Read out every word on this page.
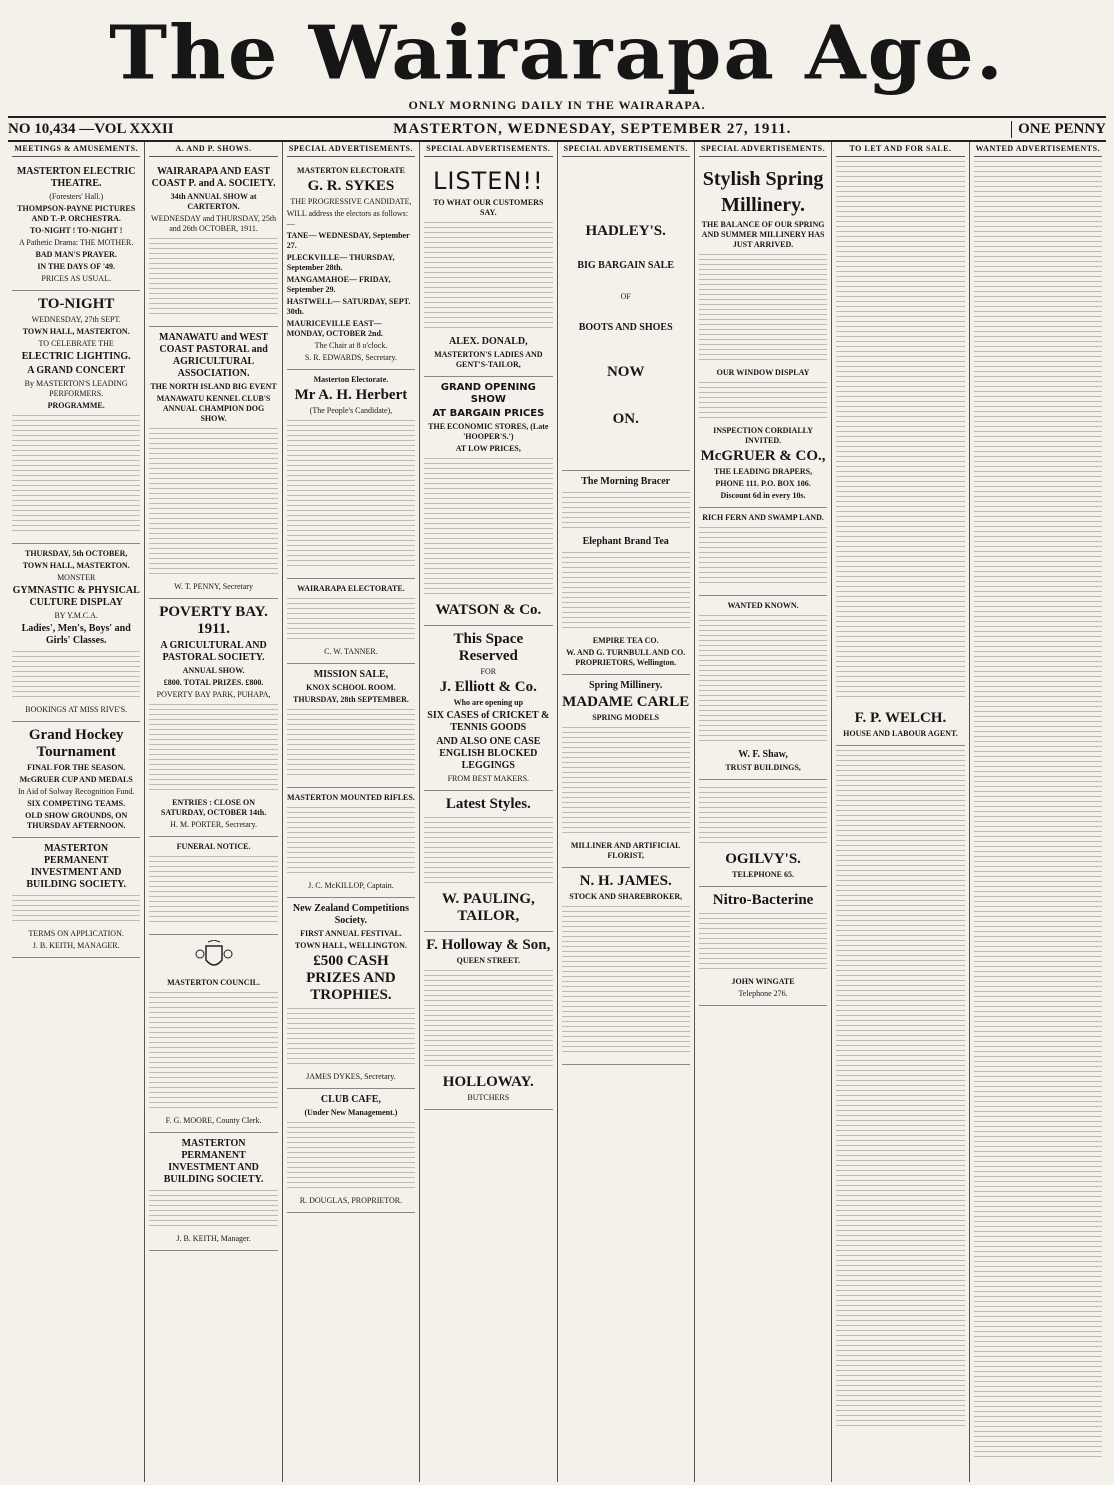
The Wairarapa Age.
ONLY MORNING DAILY IN THE WAIRARAPA.
NO 10,434 —VOL XXXII	MASTERTON, WEDNESDAY, SEPTEMBER 27, 1911.	ONE PENNY
MEETINGS & AMUSEMENTS.

MASTERTON ELECTRIC THEATRE.

(Foresters' Hall.)

THOMPSON-PAYNE PICTURES AND T.-P. ORCHESTRA.

TO-NIGHT ! TO-NIGHT !

A Pathetic Drama: THE MOTHER.

BAD MAN'S PRAYER.

IN THE DAYS OF '49.

PRICES AS USUAL.

TO-NIGHT

WEDNESDAY, 27th SEPT.

TOWN HALL, MASTERTON.

TO CELEBRATE THE

ELECTRIC LIGHTING.

A GRAND CONCERT

By MASTERTON'S LEADING PERFORMERS.

PROGRAMME.

THURSDAY, 5th OCTOBER,

TOWN HALL, MASTERTON.

MONSTER

GYMNASTIC & PHYSICAL CULTURE DISPLAY

BY Y.M.C.A.

Ladies', Men's, Boys' and Girls' Classes.

BOOKINGS AT MISS RIVE'S.

Grand Hockey Tournament

FINAL FOR THE SEASON.

McGRUER CUP AND MEDALS

In Aid of Solway Recognition Fund.

SIX COMPETING TEAMS.

OLD SHOW GROUNDS, ON THURSDAY AFTERNOON.

MASTERTON PERMANENT INVESTMENT AND BUILDING SOCIETY.

TERMS ON APPLICATION.

J. B. KEITH, MANAGER.

A. AND P. SHOWS.

WAIRARAPA AND EAST COAST P. and A. SOCIETY.

34th ANNUAL SHOW at CARTERTON.

WEDNESDAY and THURSDAY, 25th and 26th OCTOBER, 1911.

MANAWATU and WEST COAST PASTORAL and AGRICULTURAL ASSOCIATION.

THE NORTH ISLAND BIG EVENT

MANAWATU KENNEL CLUB'S ANNUAL CHAMPION DOG SHOW.

W. T. PENNY, Secretary

POVERTY BAY. 1911.

A GRICULTURAL AND PASTORAL SOCIETY.

ANNUAL SHOW.

£800. TOTAL PRIZES. £800.

POVERTY BAY PARK, PUHAPA,

ENTRIES : CLOSE ON SATURDAY, OCTOBER 14th.

H. M. PORTER, Secretary.

FUNERAL NOTICE.

MASTERTON COUNCIL.

F. G. MOORE, County Clerk.

MASTERTON PERMANENT INVESTMENT AND BUILDING SOCIETY.

J. B. KEITH, Manager.

SPECIAL ADVERTISEMENTS.

MASTERTON ELECTORATE

G. R. SYKES

THE PROGRESSIVE CANDIDATE,

WILL address the electors as follows:—

TANE— WEDNESDAY, September 27.

PLECKVILLE— THURSDAY, September 28th.

MANGAMAHOE— FRIDAY, September 29.

HASTWELL— SATURDAY, SEPT. 30th.

MAURICEVILLE EAST— MONDAY, OCTOBER 2nd.

The Chair at 8 o'clock.

S. R. EDWARDS, Secretary.

Masterton Electorate.

Mr A. H. Herbert

(The People's Candidate),

WAIRARAPA ELECTORATE.

C. W. TANNER.

MISSION SALE,

KNOX SCHOOL ROOM.

THURSDAY, 28th SEPTEMBER.

MASTERTON MOUNTED RIFLES.

J. C. McKILLOP, Captain.

New Zealand Competitions Society.

FIRST ANNUAL FESTIVAL.

TOWN HALL, WELLINGTON.

£500 CASH PRIZES AND TROPHIES.

JAMES DYKES, Secretary.

CLUB CAFE,

(Under New Management.)

R. DOUGLAS, PROPRIETOR.

SPECIAL ADVERTISEMENTS.

LISTEN!!

TO WHAT OUR CUSTOMERS SAY.

ALEX. DONALD,

MASTERTON'S LADIES AND GENT'S-TAILOR,

GRAND OPENING SHOW

AT BARGAIN PRICES

THE ECONOMIC STORES, (Late 'HOOPER'S.')

AT LOW PRICES,

WATSON & Co.

This Space Reserved

FOR

J. Elliott & Co.

Who are opening up

SIX CASES of CRICKET & TENNIS GOODS

AND ALSO ONE CASE ENGLISH BLOCKED LEGGINGS

FROM BEST MAKERS.

Latest Styles.

W. PAULING, TAILOR,

F. Holloway & Son,

QUEEN STREET.

HOLLOWAY.

BUTCHERS

SPECIAL ADVERTISEMENTS.

HADLEY'S.

BIG BARGAIN SALE

OF

BOOTS AND SHOES

NOW

ON.

The Morning Bracer

Elephant Brand Tea

EMPIRE TEA CO.

W. AND G. TURNBULL AND CO. PROPRIETORS, Wellington.

Spring Millinery.

MADAME CARLE

SPRING MODELS

MILLINER AND ARTIFICIAL FLORIST,

N. H. JAMES.

STOCK AND SHAREBROKER,

SPECIAL ADVERTISEMENTS.

Stylish Spring Millinery.

THE BALANCE OF OUR SPRING AND SUMMER MILLINERY HAS JUST ARRIVED.

OUR WINDOW DISPLAY

INSPECTION CORDIALLY INVITED.

McGRUER & CO.,

THE LEADING DRAPERS,

PHONE 111. P.O. BOX 106.

Discount 6d in every 10s.

RICH FERN AND SWAMP LAND.

WANTED KNOWN.

W. F. Shaw,

TRUST BUILDINGS,

OGILVY'S.

TELEPHONE 65.

Nitro-Bacterine

JOHN WINGATE

Telephone 276.

TO LET AND FOR SALE.

F. P. WELCH.

HOUSE AND LABOUR AGENT.

WANTED ADVERTISEMENTS.
